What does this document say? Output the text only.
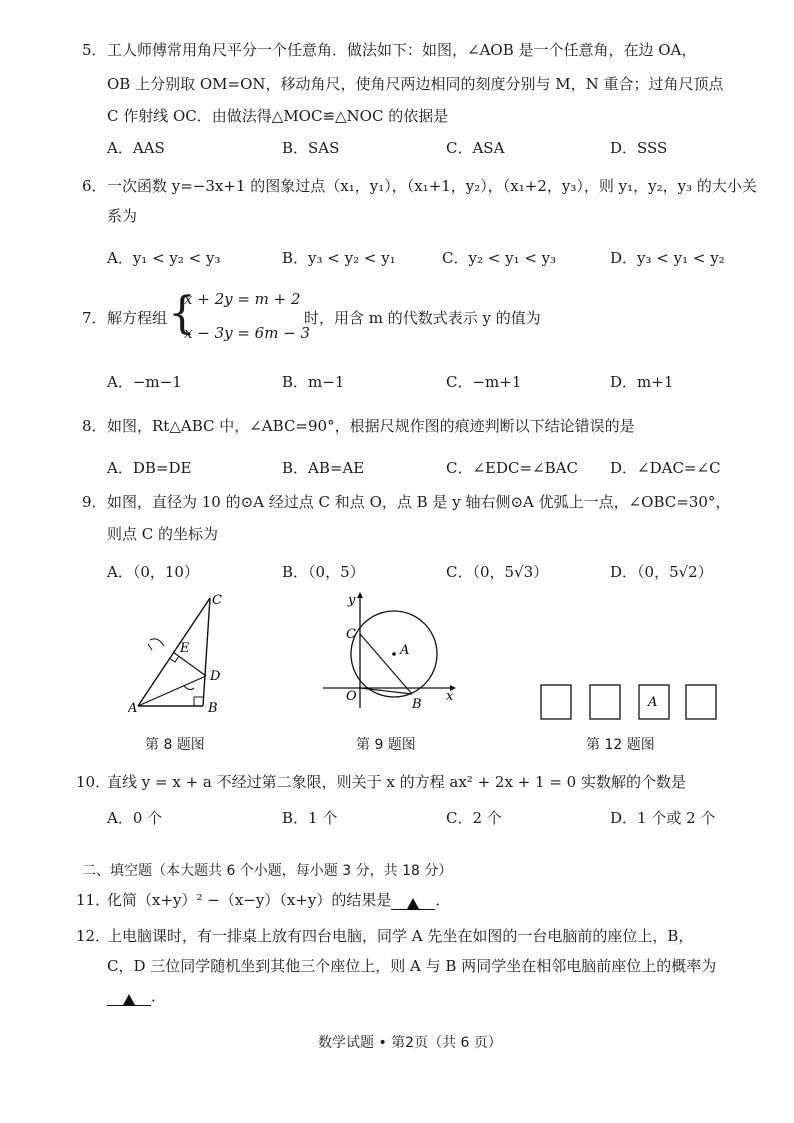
5． 工人师傅常用角尺平分一个任意角．做法如下：如图，∠AOB 是一个任意角，在边 OA，
OB 上分别取 OM=ON，移动角尺，使角尺两边相同的刻度分别与 M，N 重合；过角尺顶点
C 作射线 OC．由做法得△MOC≌△NOC 的依据是
A．AAS	B．SAS	C．ASA	D．SSS
6． 一次函数 y=−3x+1 的图象过点（x₁，y₁），（x₁+1，y₂），（x₁+2，y₃），则 y₁，y₂，y₃ 的大小关
系为
A．y₁ < y₂ < y₃	B．y₃ < y₂ < y₁	C．y₂ < y₁ < y₃	D．y₃ < y₁ < y₂
7． 解方程组 {
x + 2y = m + 2
x − 3y = 6m − 3
时，用含 m 的代数式表示 y 的值为
A．−m−1	B．m−1	C．−m+1	D．m+1
8． 如图，Rt△ABC 中，∠ABC=90°，根据尺规作图的痕迹判断以下结论错误的是
A．DB=DE	B．AB=AE	C．∠EDC=∠BAC D．∠DAC=∠C
9． 如图，直径为 10 的⊙A 经过点 C 和点 O，点 B 是 y 轴右侧⊙A 优弧上一点，∠OBC=30°，
则点 C 的坐标为
A．（0，10）	B．（0，5）	C．（0，5√3）	D．（0，5√2）
C
E
D
A	B
第 8 题图
y
C
A
O
B
x
第 9 题图
A
第 12 题图
10．
直线 y = x + a 不经过第二象限，则关于 x 的方程 ax² + 2x + 1 = 0 实数解的个数是
A．0 个	B．1 个	C．2 个	D．1 个或 2 个
二、填空题（本大题共 6 个小题，每小题 3 分，共 18 分）
11．
化简（x+y）² −（x−y）（x+y）的结果是	．
12．
上电脑课时，有一排桌上放有四台电脑，同学 A 先坐在如图的一台电脑前的座位上，B，
C，D 三位同学随机坐到其他三个座位上，则 A 与 B 两同学坐在相邻电脑前座位上的概率为
．
数学试题 • 第2页（共 6 页）
